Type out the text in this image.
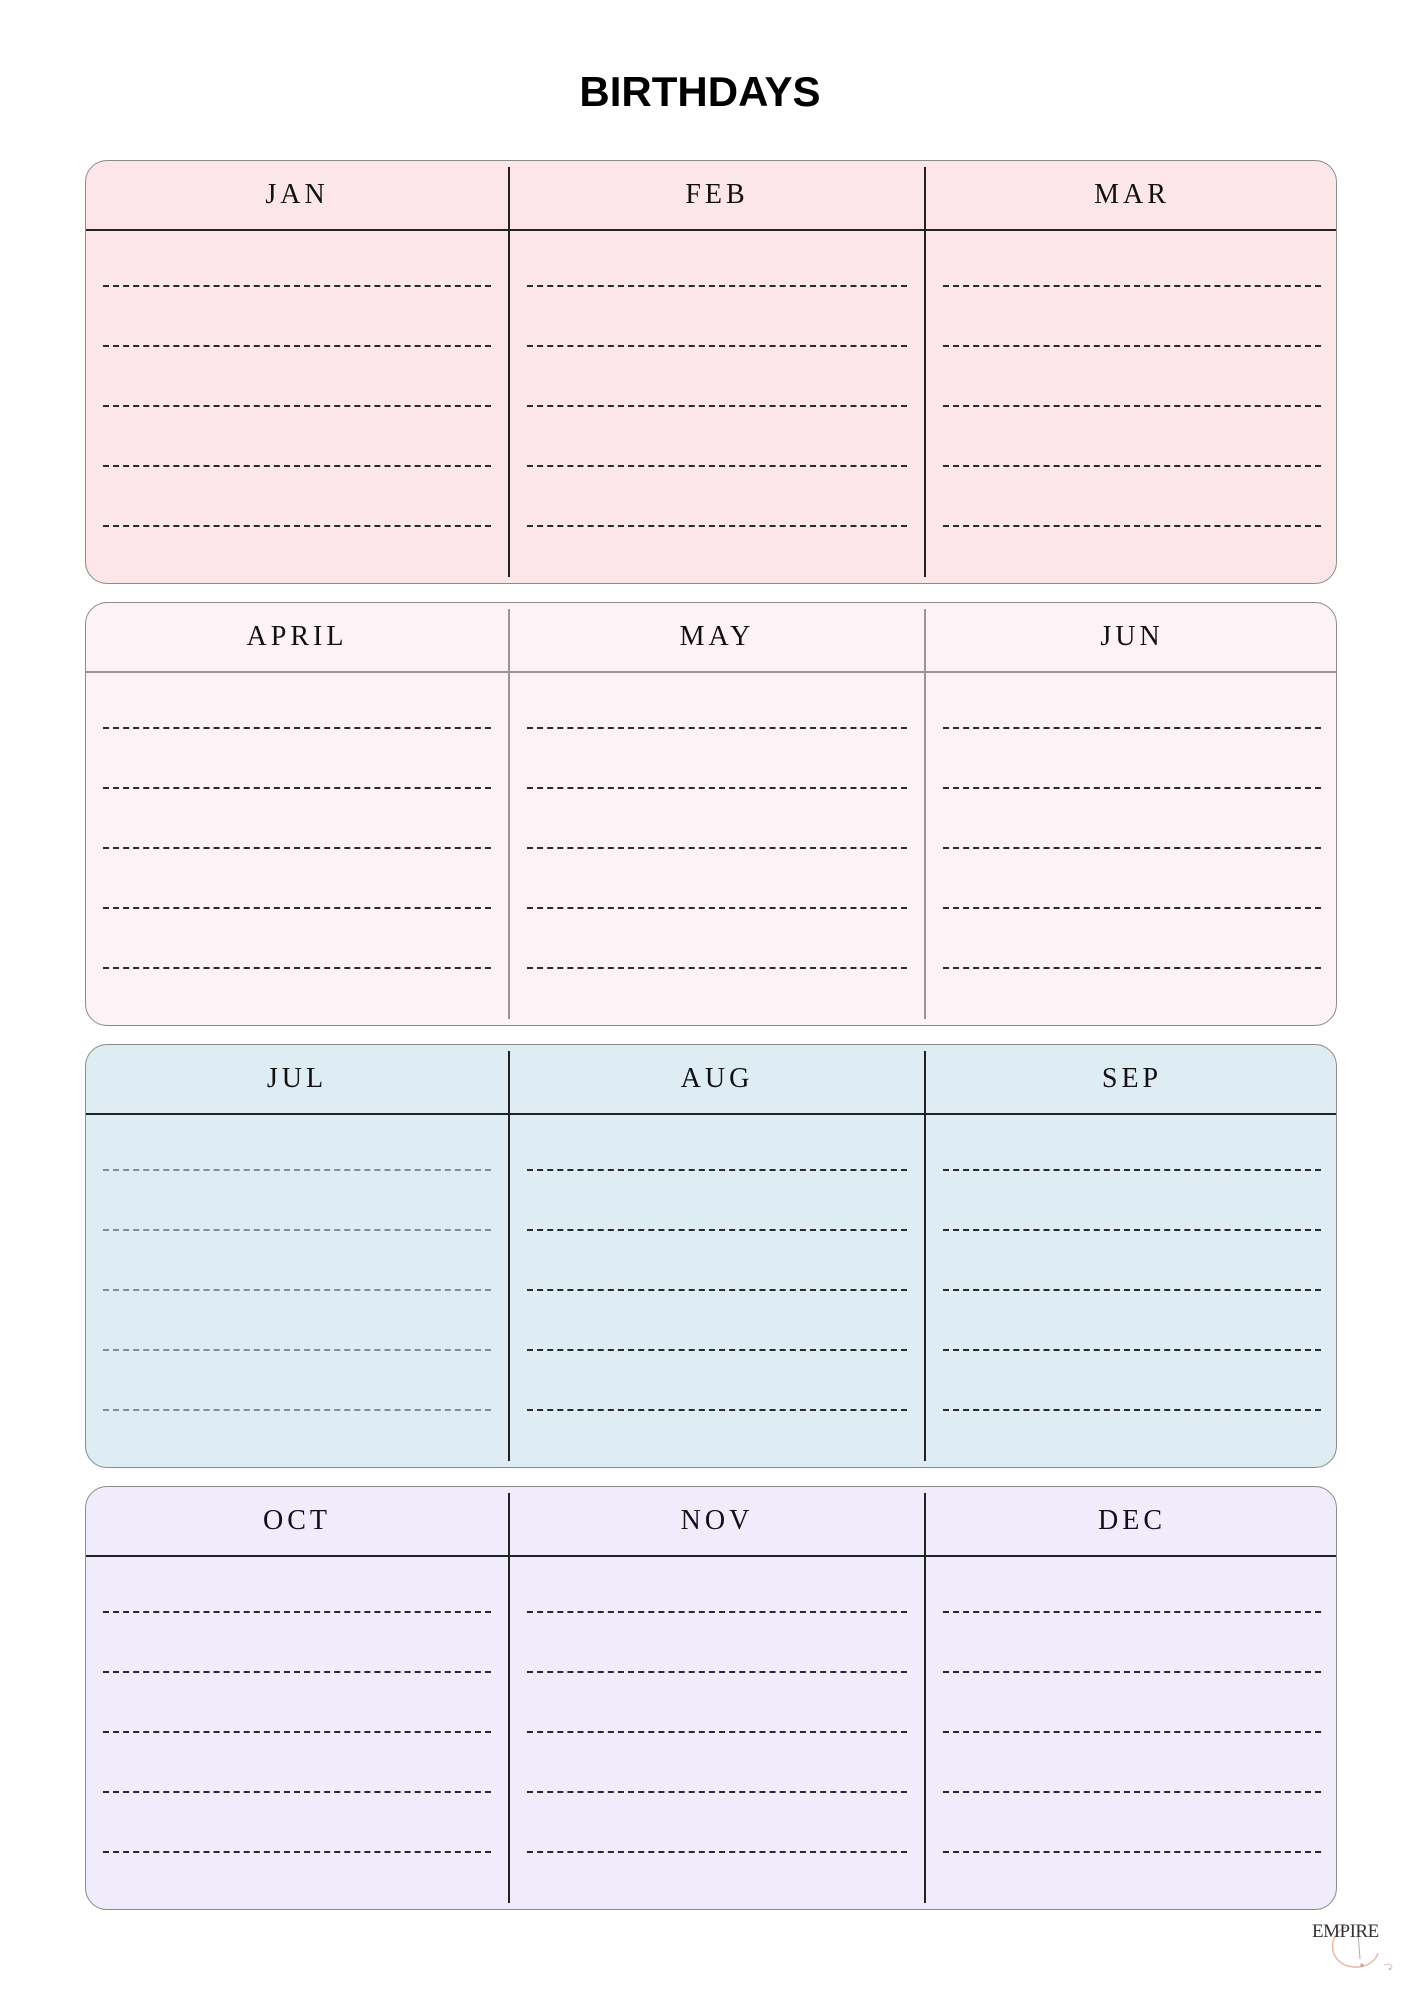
BIRTHDAYS
JAN	FEB	MAR
APRIL	MAY	JUN
JUL	AUG	SEP
OCT	NOV	DEC
EMPIRE
